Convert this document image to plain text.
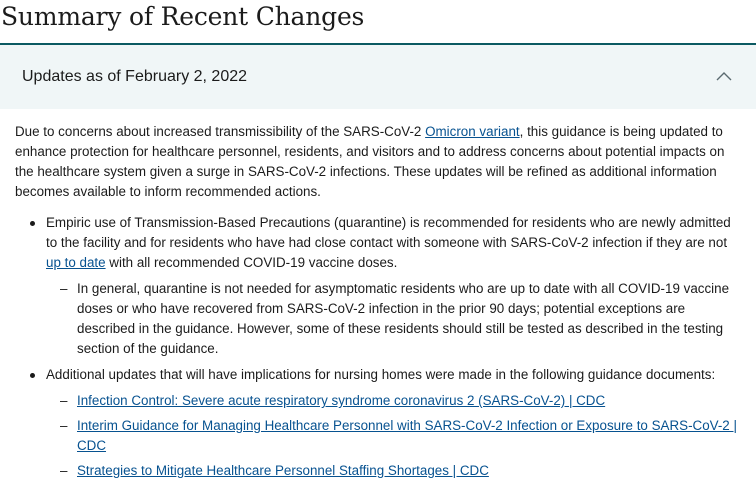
Summary of Recent Changes
Updates as of February 2, 2022

Due to concerns about increased transmissibility of the SARS-CoV-2 Omicron variant, this guidance is being updated to enhance protection for healthcare personnel, residents, and visitors and to address concerns about potential impacts on the healthcare system given a surge in SARS-CoV-2 infections. These updates will be refined as additional information becomes available to inform recommended actions.

Empiric use of Transmission-Based Precautions (quarantine) is recommended for residents who are newly admitted to the facility and for residents who have had close contact with someone with SARS-CoV-2 infection if they are not up to date with all recommended COVID-19 vaccine doses.
– In general, quarantine is not needed for asymptomatic residents who are up to date with all COVID-19 vaccine doses or who have recovered from SARS-CoV-2 infection in the prior 90 days; potential exceptions are described in the guidance. However, some of these residents should still be tested as described in the testing section of the guidance.
Additional updates that will have implications for nursing homes were made in the following guidance documents:
– Infection Control: Severe acute respiratory syndrome coronavirus 2 (SARS-CoV-2) | CDC
– Interim Guidance for Managing Healthcare Personnel with SARS-CoV-2 Infection or Exposure to SARS-CoV-2 | CDC
– Strategies to Mitigate Healthcare Personnel Staffing Shortages | CDC
